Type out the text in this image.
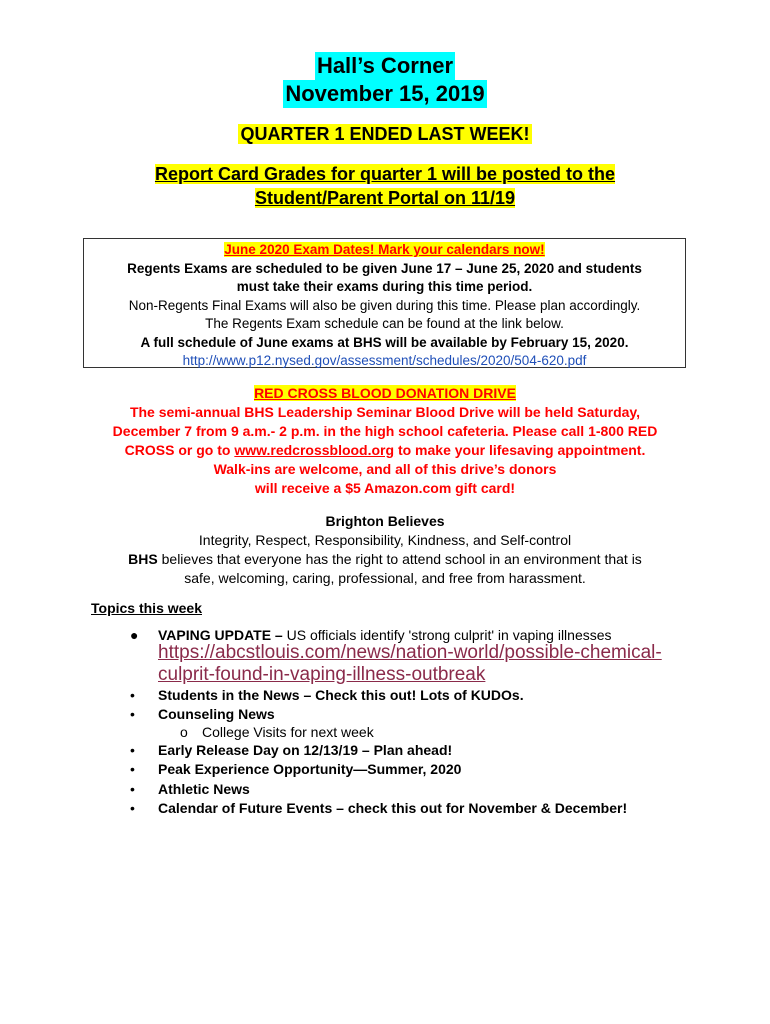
Hall’s Corner
November 15, 2019
QUARTER 1 ENDED LAST WEEK!
Report Card Grades for quarter 1 will be posted to the
Student/Parent Portal on 11/19
June 2020 Exam Dates! Mark your calendars now!
Regents Exams are scheduled to be given June 17 – June 25, 2020 and students
must take their exams during this time period.
Non-Regents Final Exams will also be given during this time. Please plan accordingly.
The Regents Exam schedule can be found at the link below.
A full schedule of June exams at BHS will be available by February 15, 2020.
http://www.p12.nysed.gov/assessment/schedules/2020/504-620.pdf
RED CROSS BLOOD DONATION DRIVE
The semi-annual BHS Leadership Seminar Blood Drive will be held Saturday,
December 7 from 9 a.m.- 2 p.m. in the high school cafeteria. Please call 1-800 RED
CROSS or go to www.redcrossblood.org to make your lifesaving appointment.
Walk-ins are welcome, and all of this drive’s donors
will receive a $5 Amazon.com gift card!
Brighton Believes
Integrity, Respect, Responsibility, Kindness, and Self-control
BHS believes that everyone has the right to attend school in an environment that is
safe, welcoming, caring, professional, and free from harassment.
Topics this week
● VAPING UPDATE – US officials identify 'strong culprit' in vaping illnesses
https://abcstlouis.com/news/nation-world/possible-chemical-culprit-found-in-vaping-illness-outbreak
• Students in the News – Check this out! Lots of KUDOs.
• Counseling News
o College Visits for next week
• Early Release Day on 12/13/19 – Plan ahead!
• Peak Experience Opportunity—Summer, 2020
• Athletic News
• Calendar of Future Events – check this out for November & December!
